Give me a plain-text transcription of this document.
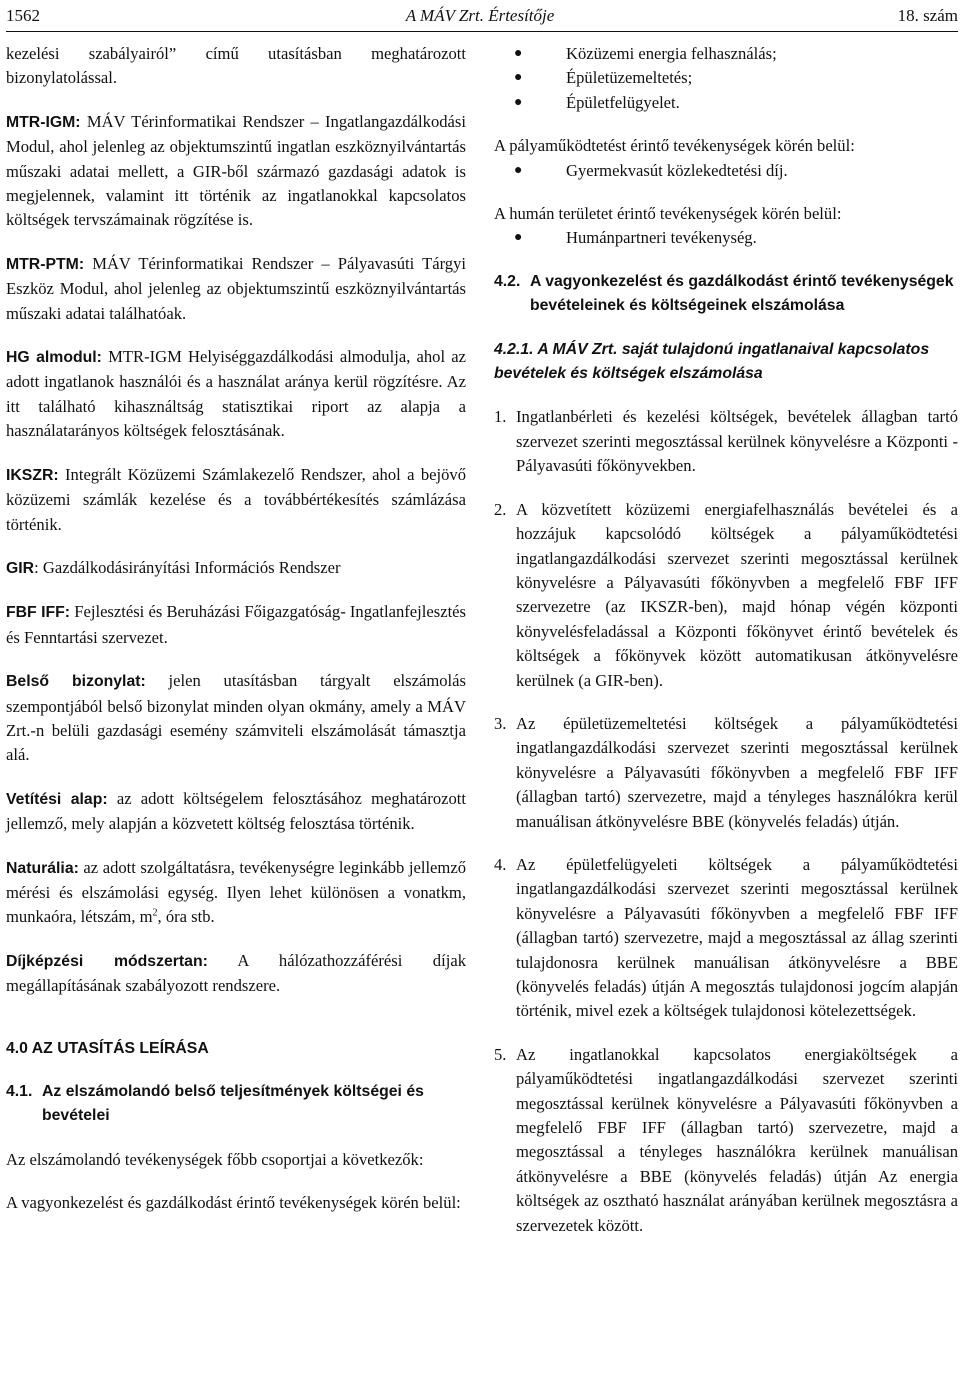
1562	A MÁV Zrt. Értesítője	18. szám

kezelési szabályairól” című utasításban meghatározott bizonylatolással.

MTR-IGM: MÁV Térinformatikai Rendszer – Ingatlangazdálkodási Modul, ahol jelenleg az objektumszintű ingatlan eszköznyilvántartás műszaki adatai mellett, a GIR-ből származó gazdasági adatok is megjelennek, valamint itt történik az ingatlanokkal kapcsolatos költségek tervszámainak rögzítése is.

MTR-PTM: MÁV Térinformatikai Rendszer – Pályavasúti Tárgyi Eszköz Modul, ahol jelenleg az objektumszintű eszköznyilvántartás műszaki adatai találhatóak.

HG almodul: MTR-IGM Helyiséggazdálkodási almodulja, ahol az adott ingatlanok használói és a használat aránya kerül rögzítésre. Az itt található kihasználtság statisztikai riport az alapja a használatarányos költségek felosztásának.

IKSZR: Integrált Közüzemi Számlakezelő Rendszer, ahol a bejövő közüzemi számlák kezelése és a továbbértékesítés számlázása történik.

GIR: Gazdálkodásirányítási Információs Rendszer

FBF IFF: Fejlesztési és Beruházási Főigazgatóság- Ingatlanfejlesztés és Fenntartási szervezet.

Belső bizonylat: jelen utasításban tárgyalt elszámolás szempontjából belső bizonylat minden olyan okmány, amely a MÁV Zrt.-n belüli gazdasági esemény számviteli elszámolását támasztja alá.

Vetítési alap: az adott költségelem felosztásához meghatározott jellemző, mely alapján a közvetett költség felosztása történik.

Naturália: az adott szolgáltatásra, tevékenységre leginkább jellemző mérési és elszámolási egység. Ilyen lehet különösen a vonatkm, munkaóra, létszám, $m^2$, óra stb.

Díjképzési módszertan: A hálózathozzáférési díjak megállapításának szabályozott rendszere.

4.0 AZ UTASÍTÁS LEÍRÁSA
4.1. Az elszámolandó belső teljesítmények költségei és bevételei

Az elszámolandó tevékenységek főbb csoportjai a következők:

A vagyonkezelést és gazdálkodást érintő tevékenységek körén belül:

●	Közüzemi energia felhasználás;
●	Épületüzemeltetés;
●	Épületfelügyelet.

A pályaműködtetést érintő tevékenységek körén belül:

●	Gyermekvasút közlekedtetési díj.

A humán területet érintő tevékenységek körén belül:

●	Humánpartneri tevékenység.
4.2. A vagyonkezelést és gazdálkodást érintő tevékenységek bevételeinek és költségeinek elszámolása
4.2.1. A MÁV Zrt. saját tulajdonú ingatlanaival kapcsolatos bevételek és költségek elszámolása
1. Ingatlanbérleti és kezelési költségek, bevételek állagban tartó szervezet szerinti megosztással kerülnek könyvelésre a Központi - Pályavasúti főkönyvekben.
2. A közvetített közüzemi energiafelhasználás bevételei és a hozzájuk kapcsolódó költségek a pályaműködtetési ingatlangazdálkodási szervezet szerinti megosztással kerülnek könyvelésre a Pályavasúti főkönyvben a megfelelő FBF IFF szervezetre (az IKSZR-ben), majd hónap végén központi könyvelésfeladással a Központi főkönyvet érintő bevételek és költségek a főkönyvek között automatikusan átkönyvelésre kerülnek (a GIR-ben).
3. Az épületüzemeltetési költségek a pályaműködtetési ingatlangazdálkodási szervezet szerinti megosztással kerülnek könyvelésre a Pályavasúti főkönyvben a megfelelő FBF IFF (állagban tartó) szervezetre, majd a tényleges használókra kerül manuálisan átkönyvelésre BBE (könyvelés feladás) útján.
4. Az épületfelügyeleti költségek a pályaműködtetési ingatlangazdálkodási szervezet szerinti megosztással kerülnek könyvelésre a Pályavasúti főkönyvben a megfelelő FBF IFF (állagban tartó) szervezetre, majd a megosztással az állag szerinti tulajdonosra kerülnek manuálisan átkönyvelésre a BBE (könyvelés feladás) útján A megosztás tulajdonosi jogcím alapján történik, mivel ezek a költségek tulajdonosi kötelezettségek.
5. Az ingatlanokkal kapcsolatos energiaköltségek a pályaműködtetési ingatlangazdálkodási szervezet szerinti megosztással kerülnek könyvelésre a Pályavasúti főkönyvben a megfelelő FBF IFF (állagban tartó) szervezetre, majd a megosztással a tényleges használókra kerülnek manuálisan átkönyvelésre a BBE (könyvelés feladás) útján Az energia költségek az osztható használat arányában kerülnek megosztásra a szervezetek között.
